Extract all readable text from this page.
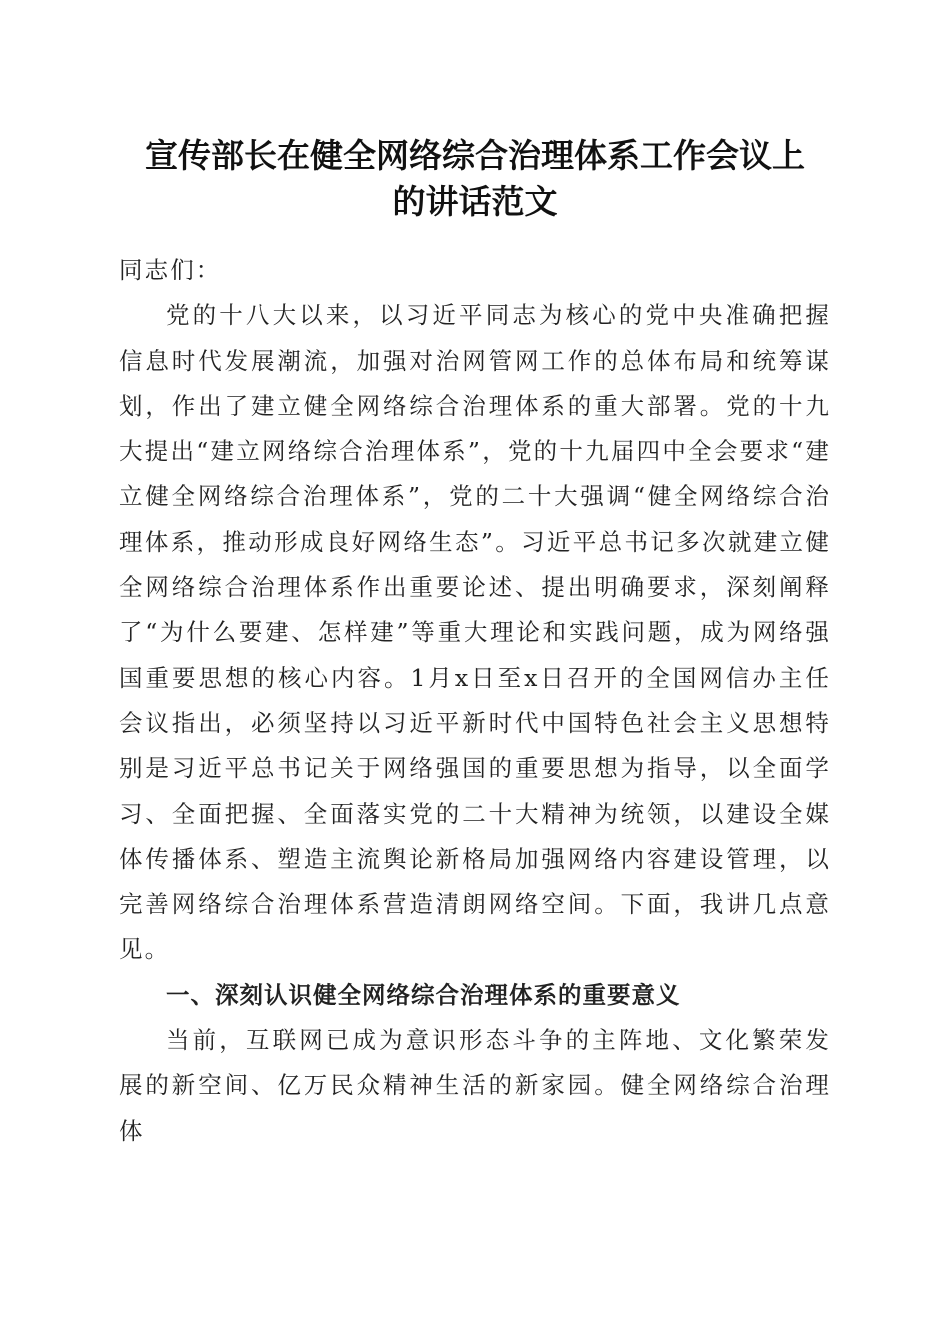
宣传部长在健全网络综合治理体系工作会议上
的讲话范文

同志们：

党的十八大以来，以习近平同志为核心的党中央准确把握信息时代发展潮流，加强对治网管网工作的总体布局和统筹谋划，作出了建立健全网络综合治理体系的重大部署。党的十九大提出“建立网络综合治理体系”，党的十九届四中全会要求“建立健全网络综合治理体系”，党的二十大强调“健全网络综合治理体系，推动形成良好网络生态”。习近平总书记多次就建立健全网络综合治理体系作出重要论述、提出明确要求，深刻阐释了“为什么要建、怎样建”等重大理论和实践问题，成为网络强国重要思想的核心内容。1月x日至x日召开的全国网信办主任会议指出，必须坚持以习近平新时代中国特色社会主义思想特别是习近平总书记关于网络强国的重要思想为指导，以全面学习、全面把握、全面落实党的二十大精神为统领，以建设全媒体传播体系、塑造主流舆论新格局加强网络内容建设管理，以完善网络综合治理体系营造清朗网络空间。下面，我讲几点意见。

一、深刻认识健全网络综合治理体系的重要意义

当前，互联网已成为意识形态斗争的主阵地、文化繁荣发展的新空间、亿万民众精神生活的新家园。健全网络综合治理体
